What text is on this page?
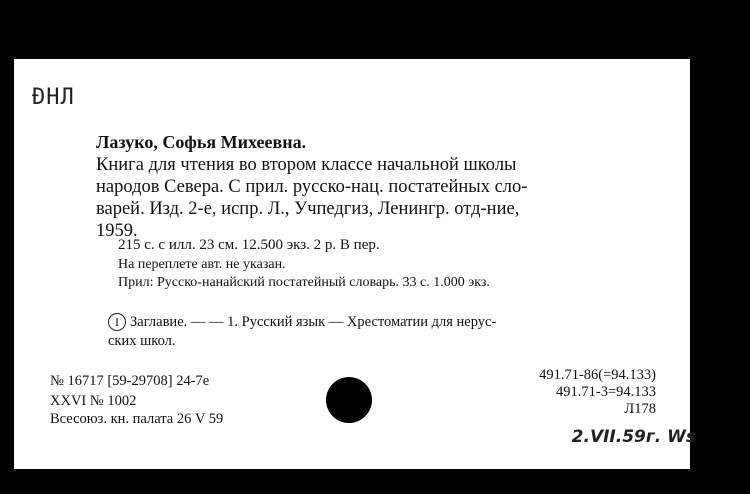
ÐНЛ
Лазуко, Софья Михеевна.
Книга для чтения во втором классе начальной школы
народов Севера. С прил. русско-нац. постатейных сло-
варей. Изд. 2-е, испр. Л., Учпедгиз, Ленингр. отд-ние,
1959.
215 с. с илл. 23 см. 12.500 экз. 2 р. В пер.
На переплете авт. не указан.
Прил: Русско-нанайский постатейный словарь. 33 с. 1.000 экз.
I Заглавие. — — 1. Русский язык — Хрестоматии для нерус-
ских школ.
№ 16717 [59-29708] 24-7е
XXVI № 1002
Всесоюз. кн. палата 26 V 59
491.71-86(=94.133)
491.71-3=94.133
Л178
2.VII.59г. Ws
